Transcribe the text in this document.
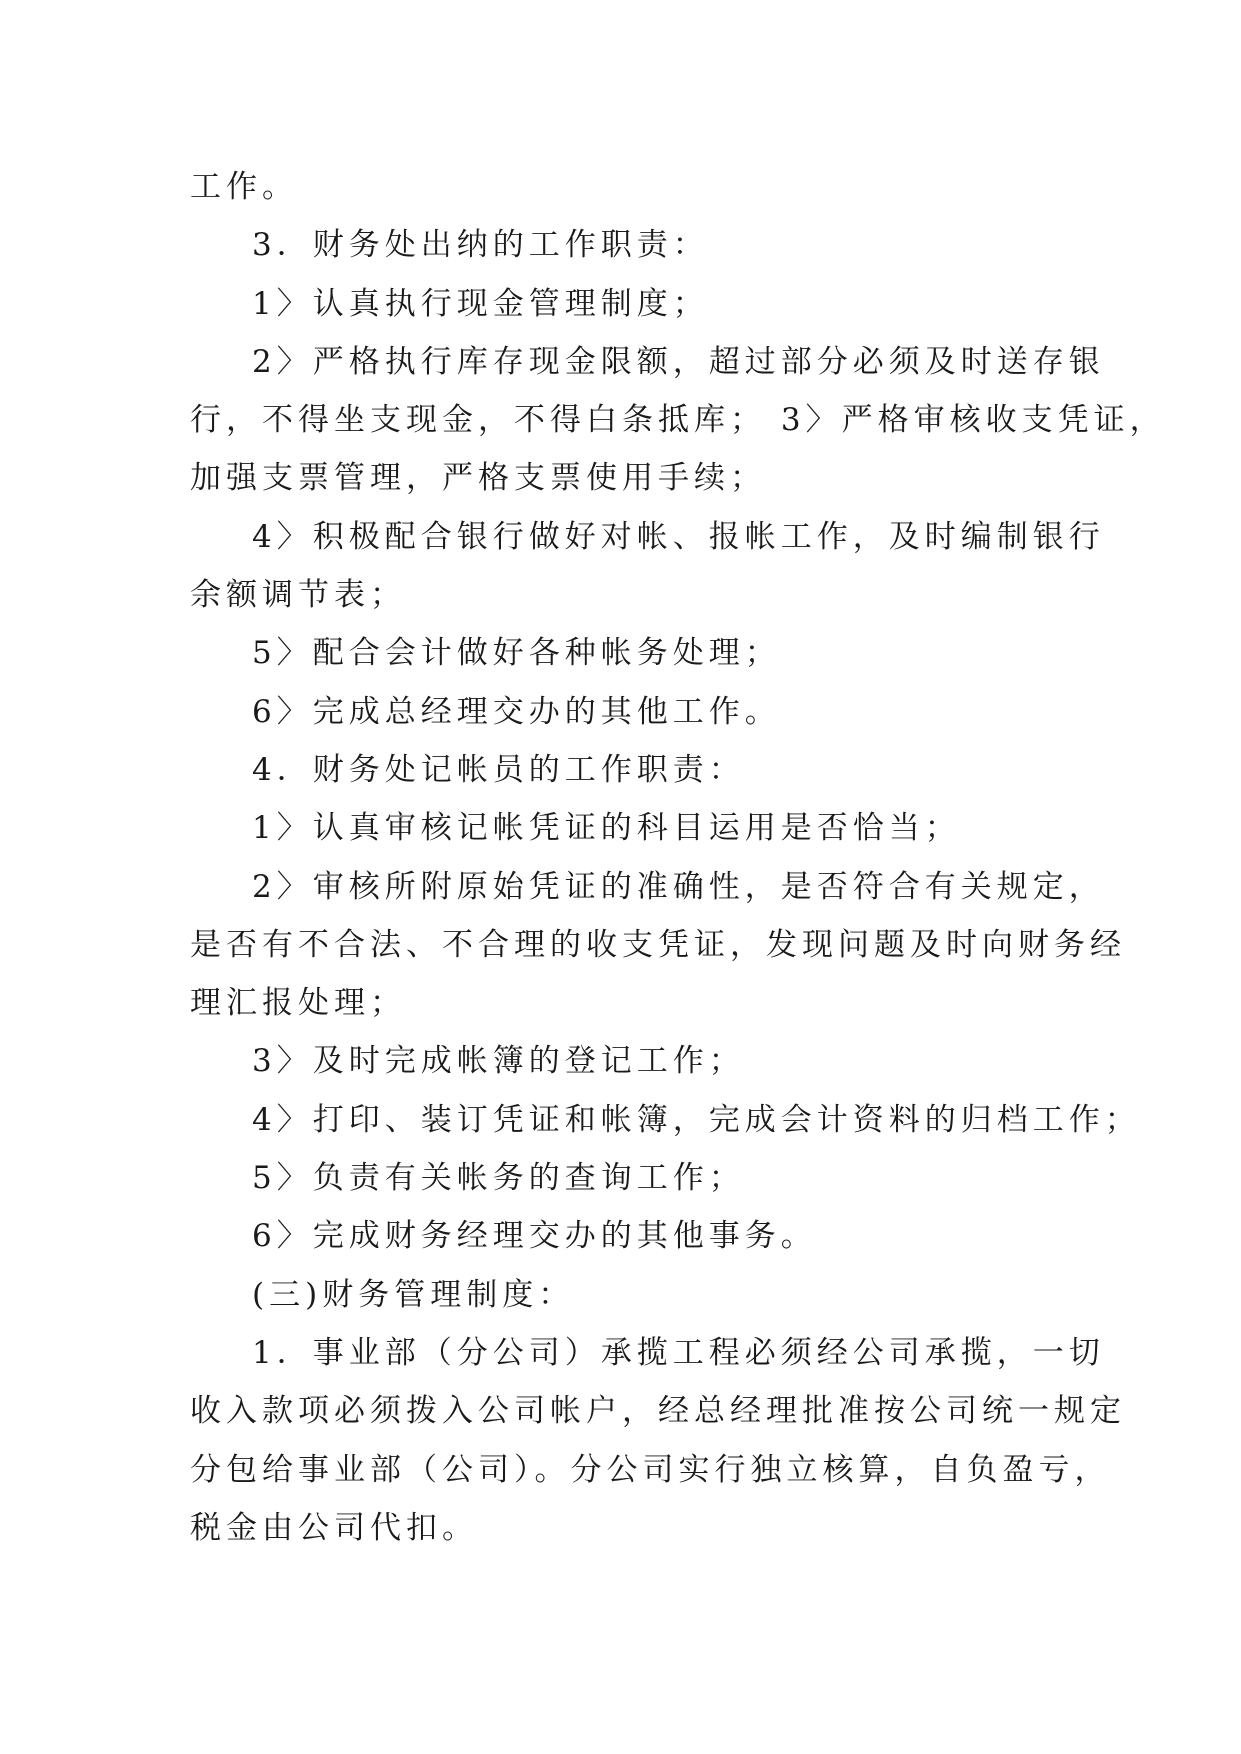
工作。

3．财务处出纳的工作职责：

1〉认真执行现金管理制度；

2〉严格执行库存现金限额，超过部分必须及时送存银

行，不得坐支现金，不得白条抵库； 3〉严格审核收支凭证，

加强支票管理，严格支票使用手续；

4〉积极配合银行做好对帐、报帐工作，及时编制银行

余额调节表；

5〉配合会计做好各种帐务处理；

6〉完成总经理交办的其他工作。

4．财务处记帐员的工作职责：

1〉认真审核记帐凭证的科目运用是否恰当；

2〉审核所附原始凭证的准确性，是否符合有关规定，

是否有不合法、不合理的收支凭证，发现问题及时向财务经

理汇报处理；

3〉及时完成帐簿的登记工作；

4〉打印、装订凭证和帐簿，完成会计资料的归档工作；

5〉负责有关帐务的查询工作；

6〉完成财务经理交办的其他事务。

(三)财务管理制度：

1．事业部（分公司）承揽工程必须经公司承揽，一切

收入款项必须拨入公司帐户，经总经理批准按公司统一规定

分包给事业部（公司）。分公司实行独立核算，自负盈亏，

税金由公司代扣。
